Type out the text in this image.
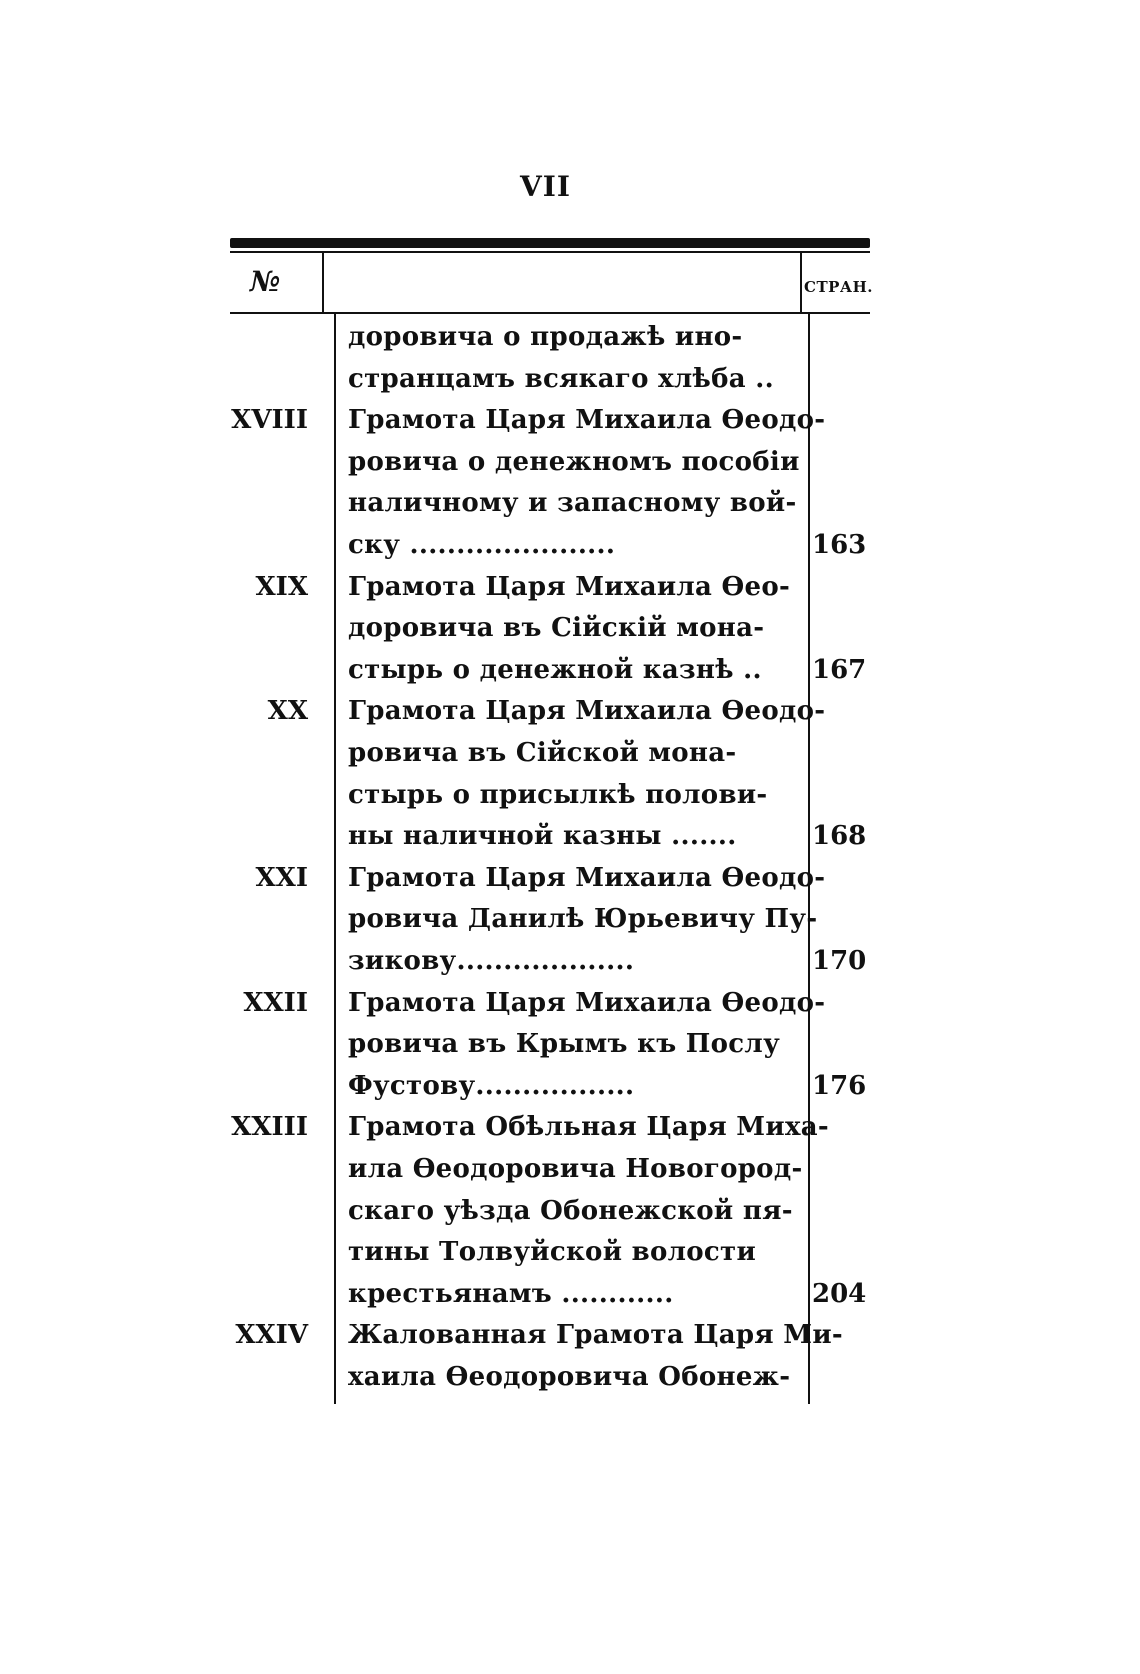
VII
№	СТРАН.
доровича о продажѣ ино-
странцамъ всякаго хлѣба ..
XVIII Грамота Царя Михаила Ѳеодо-
ровича о денежномъ пособіи
наличному и запасному вой-
ску ......................	163
XIX Грамота Царя Михаила Ѳео-
доровича въ Сійскій мона-
стырь о денежной казнѣ .. 167
XX Грамота Царя Михаила Ѳеодо-
ровича въ Сійской мона-
стырь о присылкѣ полови-
ны наличной казны .......	168
XXI Грамота Царя Михаила Ѳеодо-
ровича Данилѣ Юрьевичу Пу-
зикову...................	170
XXII Грамота Царя Михаила Ѳеодо-
ровича въ Крымъ къ Послу
Фустову.................	176
XXIII Грамота Обѣльная Царя Миха-
ила Ѳеодоровича Новогород-
скаго уѣзда Обонежской пя-
тины Толвуйской волости
крестьянамъ ............	204
XXIV Жалованная Грамота Царя Ми-
хаила Ѳеодоровича Обонеж-
